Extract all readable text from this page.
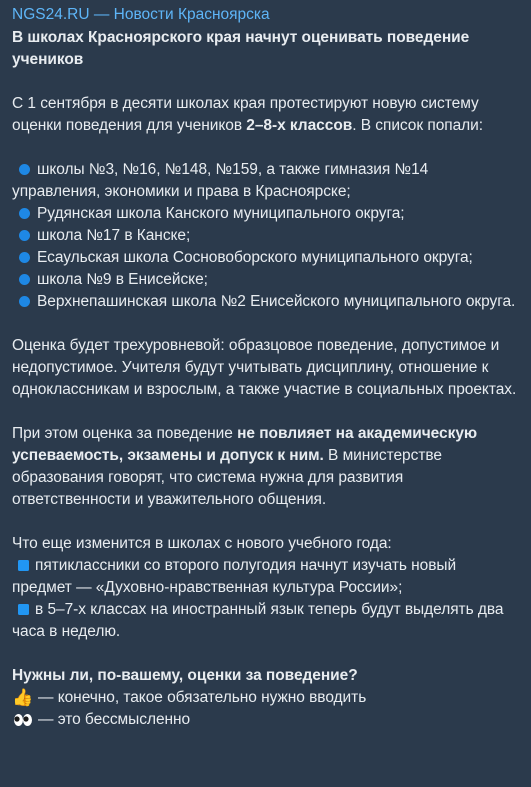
NGS24.RU — Новости Красноярска

В школах Красноярского края начнут оценивать поведение учеников

С 1 сентября в десяти школах края протестируют новую систему оценки поведения для учеников 2–8-х классов. В список попали:

школы №3, №16, №148, №159, а также гимназия №14 управления, экономики и права в Красноярске;
Рудянская школа Канского муниципального округа;
школа №17 в Канске;
Есаульская школа Сосновоборского муниципального округа;
школа №9 в Енисейске;
Верхнепашинская школа №2 Енисейского муниципального округа.

Оценка будет трехуровневой: образцовое поведение, допустимое и недопустимое. Учителя будут учитывать дисциплину, отношение к одноклассникам и взрослым, а также участие в социальных проектах.

При этом оценка за поведение не повлияет на академическую успеваемость, экзамены и допуск к ним. В министерстве образования говорят, что система нужна для развития ответственности и уважительного общения.

Что еще изменится в школах с нового учебного года:

пятиклассники со второго полугодия начнут изучать новый предмет — «Духовно-нравственная культура России»;
в 5–7-х классах на иностранный язык теперь будут выделять два часа в неделю.

Нужны ли, по-вашему, оценки за поведение?

👍 — конечно, такое обязательно нужно вводить
— это бессмысленно
